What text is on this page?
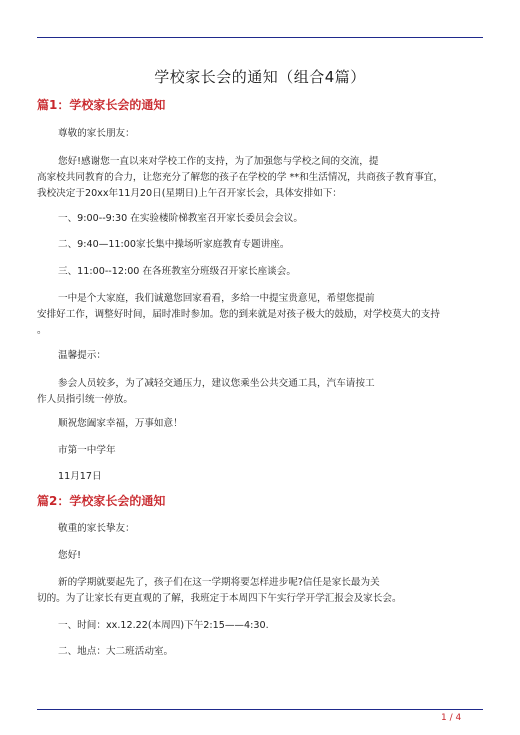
学校家长会的通知（组合4篇）
篇1：学校家长会的通知
尊敬的家长朋友：
您好!感谢您一直以来对学校工作的支持，为了加强您与学校之间的交流，提
高家校共同教育的合力，让您充分了解您的孩子在学校的学 **和生活情况，共商孩子教育事宜，
我校决定于20xx年11月20日(星期日)上午召开家长会，具体安排如下：
一、9:00--9:30 在实验楼阶梯教室召开家长委员会会议。
二、9:40—11:00家长集中操场听家庭教育专题讲座。
三、11:00--12:00 在各班教室分班级召开家长座谈会。
一中是个大家庭，我们诚邀您回家看看，多给一中提宝贵意见，希望您提前
安排好工作，调整好时间，届时准时参加。您的到来就是对孩子极大的鼓励，对学校莫大的支持
。
温馨提示：
参会人员较多，为了减轻交通压力，建议您乘坐公共交通工具，汽车请按工
作人员指引统一停放。
顺祝您阖家幸福，万事如意！
市第一中学年
11月17日
篇2：学校家长会的通知
敬重的家长挚友：
您好!
新的学期就要起先了，孩子们在这一学期将要怎样进步呢?信任是家长最为关
切的。为了让家长有更直观的了解，我班定于本周四下午实行学开学汇报会及家长会。
一、时间：xx.12.22(本周四)下午2:15——4:30.
二、地点：大二班活动室。
1 / 4
